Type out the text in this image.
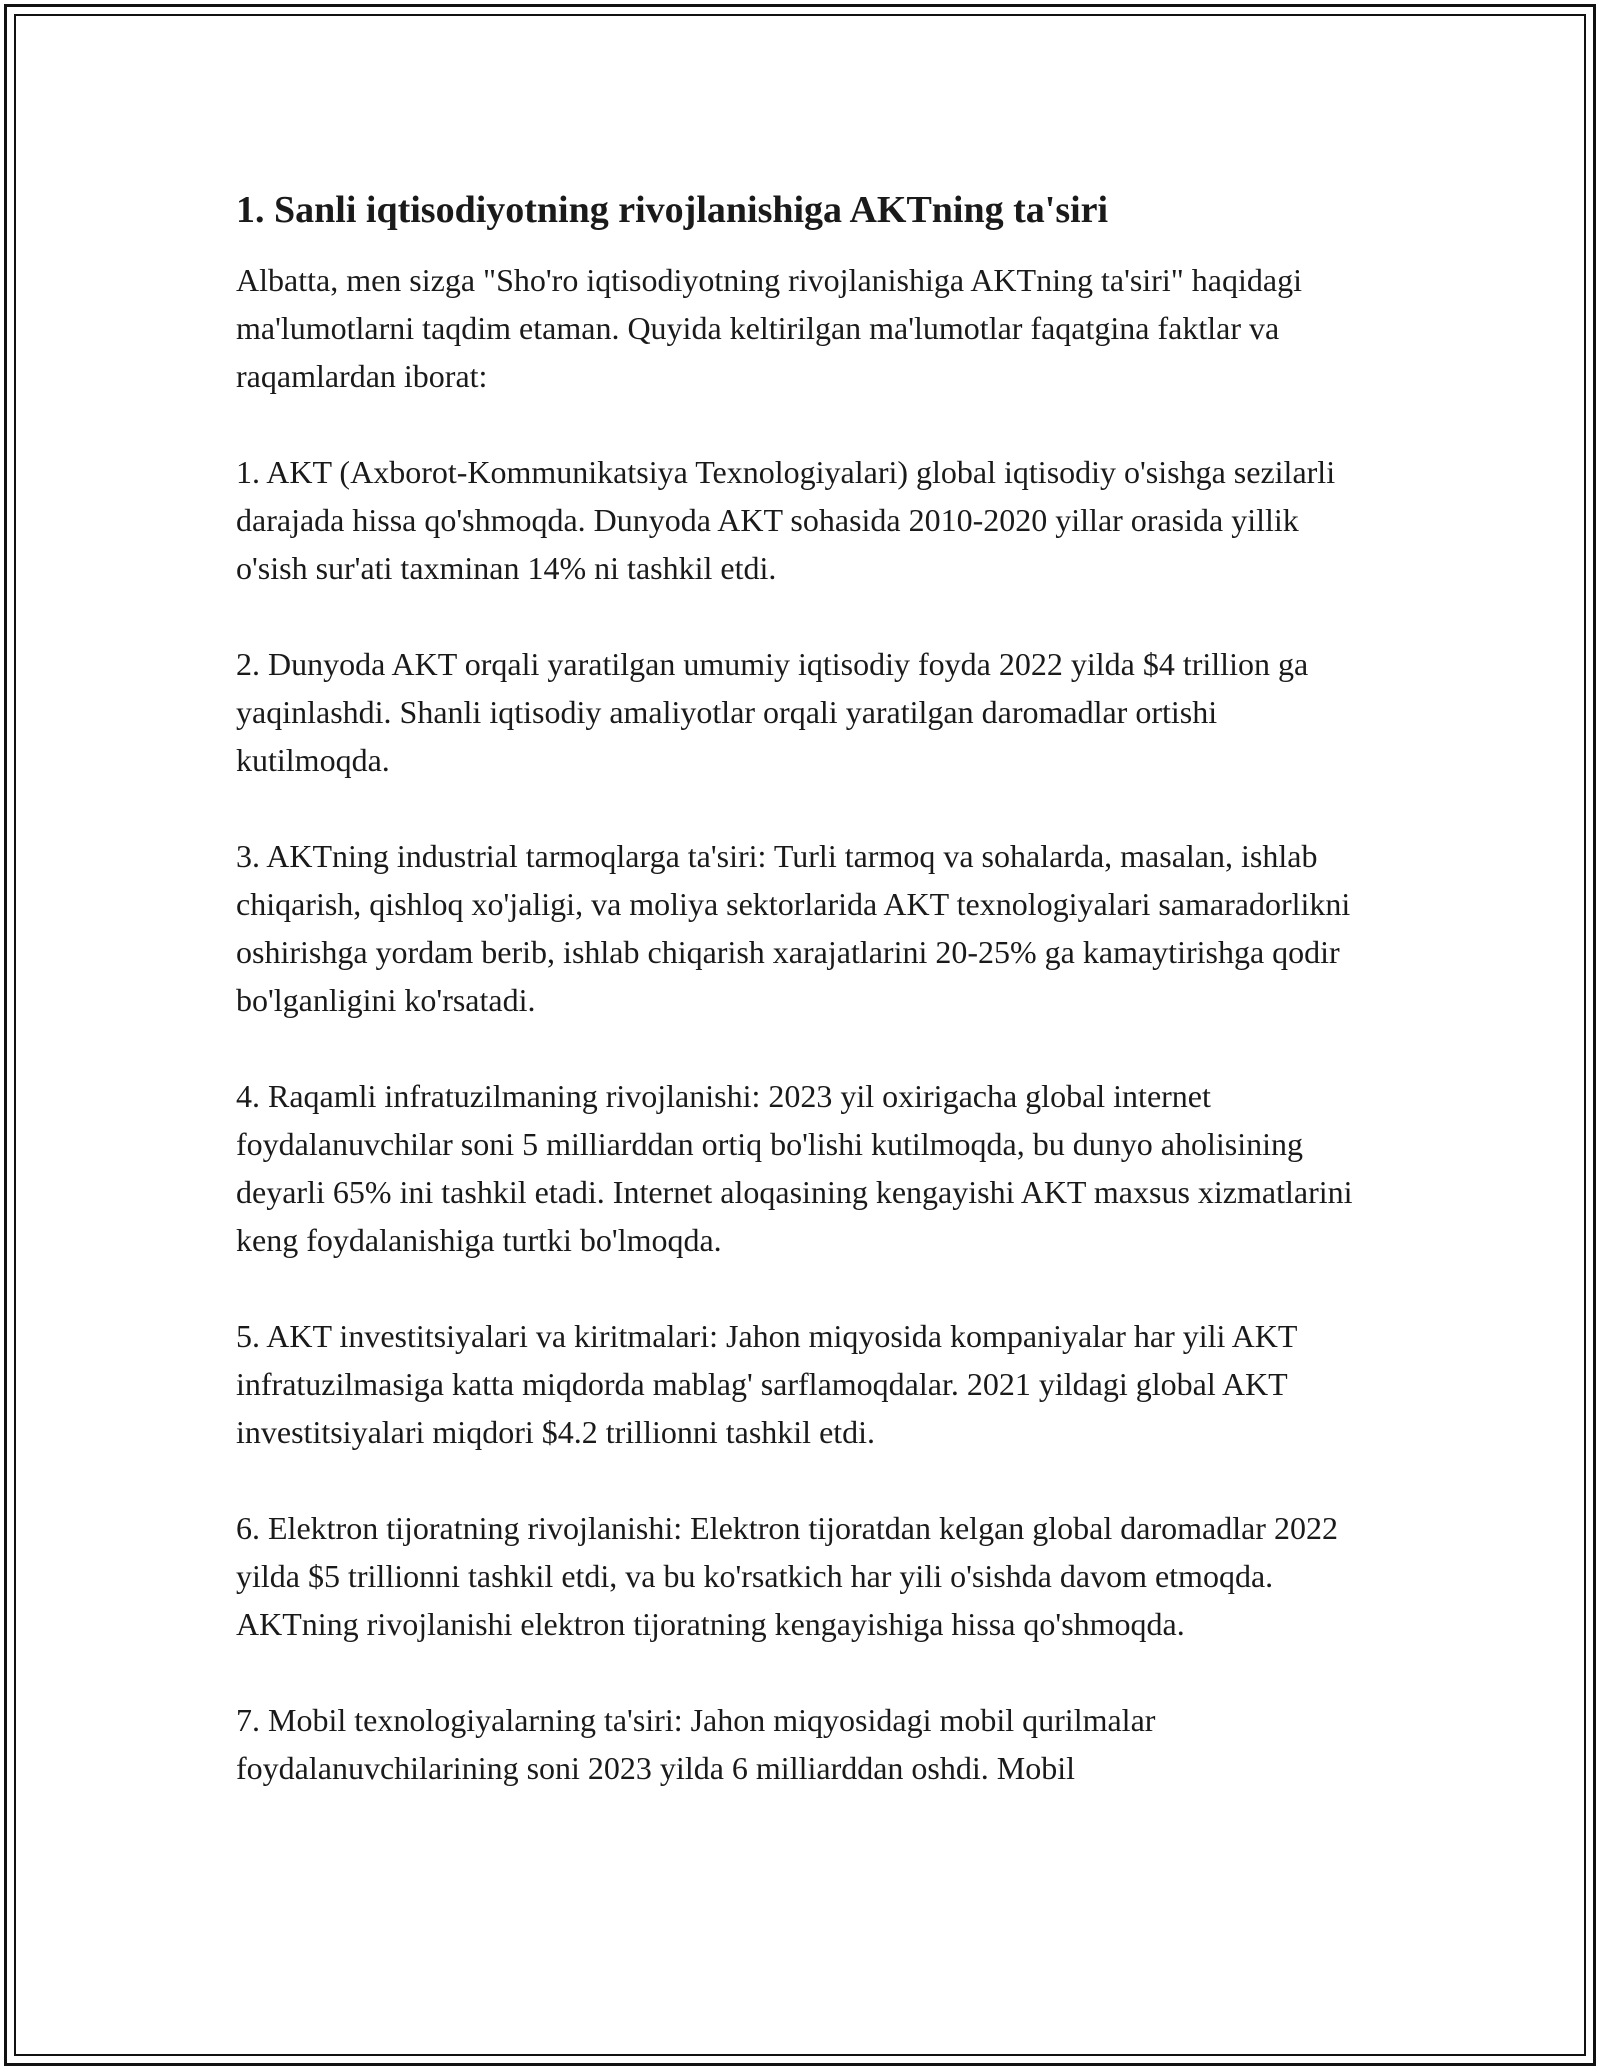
1. Sanli iqtisodiyotning rivojlanishiga AKTning ta'siri

Albatta, men sizga "Sho'ro iqtisodiyotning rivojlanishiga AKTning ta'siri" haqidagi ma'lumotlarni taqdim etaman. Quyida keltirilgan ma'lumotlar faqatgina faktlar va raqamlardan iborat:

1. AKT (Axborot-Kommunikatsiya Texnologiyalari) global iqtisodiy o'sishga sezilarli darajada hissa qo'shmoqda. Dunyoda AKT sohasida 2010-2020 yillar orasida yillik o'sish sur'ati taxminan 14% ni tashkil etdi.

2. Dunyoda AKT orqali yaratilgan umumiy iqtisodiy foyda 2022 yilda $4 trillion ga yaqinlashdi. Shanli iqtisodiy amaliyotlar orqali yaratilgan daromadlar ortishi kutilmoqda.

3. AKTning industrial tarmoqlarga ta'siri: Turli tarmoq va sohalarda, masalan, ishlab chiqarish, qishloq xo'jaligi, va moliya sektorlarida AKT texnologiyalari samaradorlikni oshirishga yordam berib, ishlab chiqarish xarajatlarini 20-25% ga kamaytirishga qodir bo'lganligini ko'rsatadi.

4. Raqamli infratuzilmaning rivojlanishi: 2023 yil oxirigacha global internet foydalanuvchilar soni 5 milliarddan ortiq bo'lishi kutilmoqda, bu dunyo aholisining deyarli 65% ini tashkil etadi. Internet aloqasining kengayishi AKT maxsus xizmatlarini keng foydalanishiga turtki bo'lmoqda.

5. AKT investitsiyalari va kiritmalari: Jahon miqyosida kompaniyalar har yili AKT infratuzilmasiga katta miqdorda mablag' sarflamoqdalar. 2021 yildagi global AKT investitsiyalari miqdori $4.2 trillionni tashkil etdi.

6. Elektron tijoratning rivojlanishi: Elektron tijoratdan kelgan global daromadlar 2022 yilda $5 trillionni tashkil etdi, va bu ko'rsatkich har yili o'sishda davom etmoqda. AKTning rivojlanishi elektron tijoratning kengayishiga hissa qo'shmoqda.

7. Mobil texnologiyalarning ta'siri: Jahon miqyosidagi mobil qurilmalar foydalanuvchilarining soni 2023 yilda 6 milliarddan oshdi. Mobil
